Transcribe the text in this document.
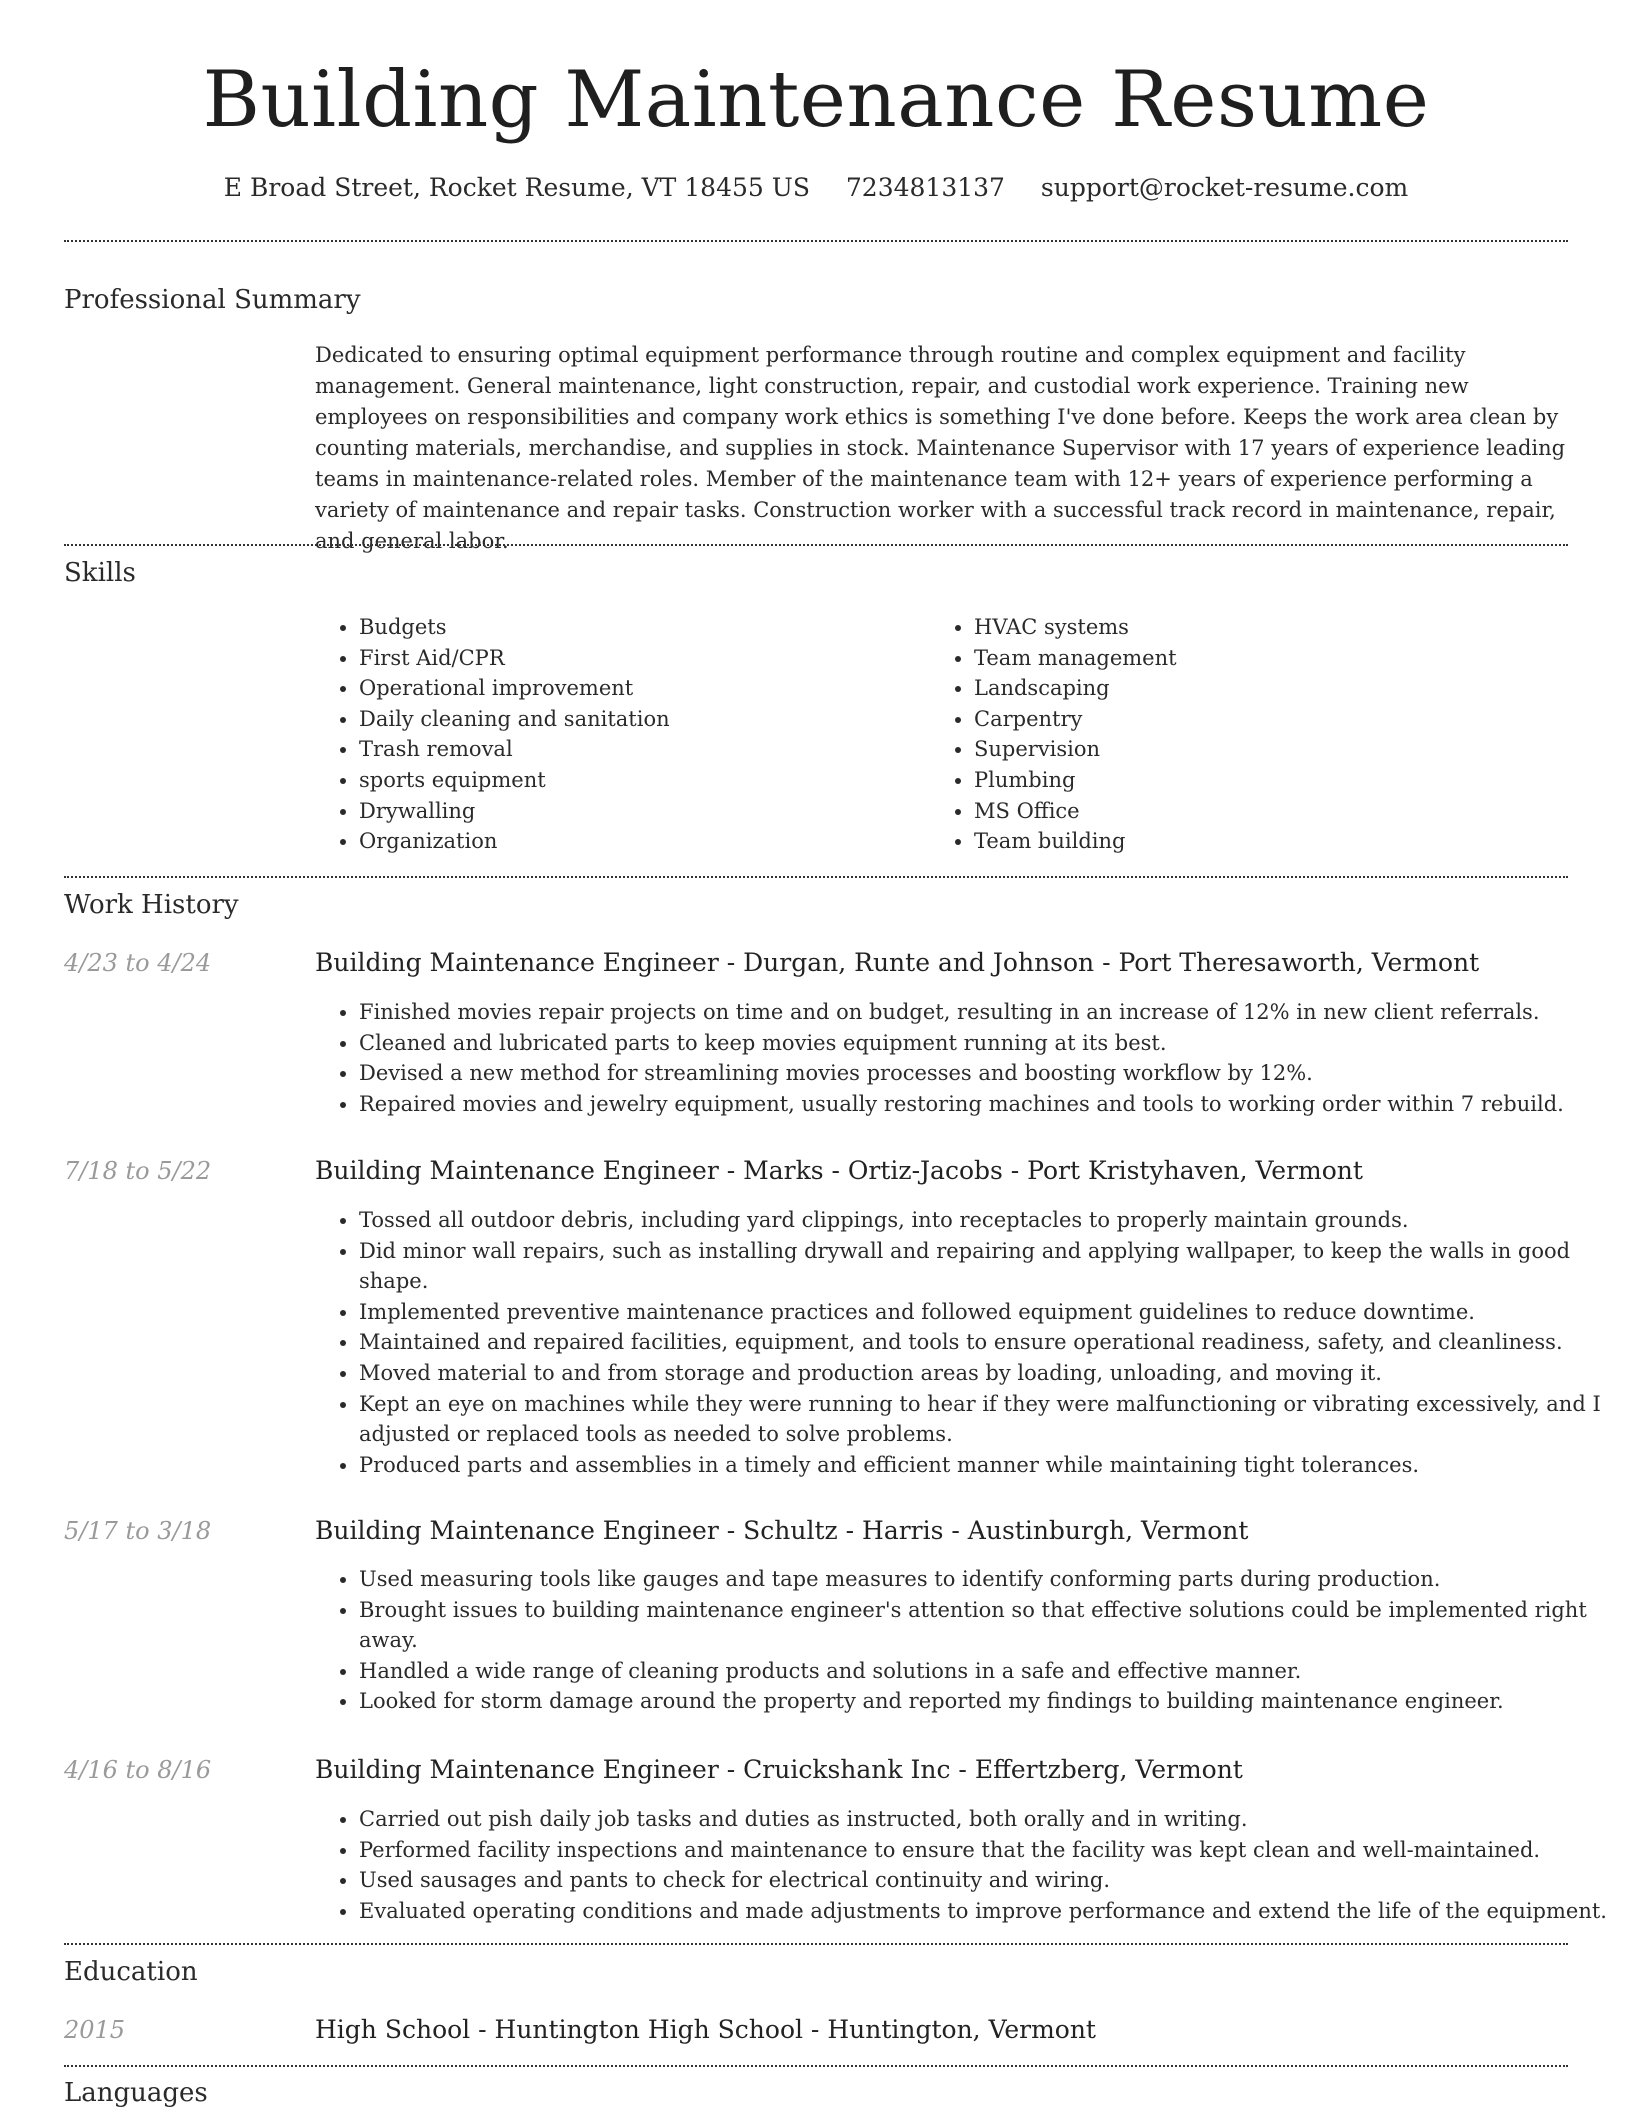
Building Maintenance Resume
E Broad Street, Rocket Resume, VT 18455 US 7234813137 support@rocket-resume.com
Professional Summary

Dedicated to ensuring optimal equipment performance through routine and complex equipment and facility management. General maintenance, light construction, repair, and custodial work experience. Training new employees on responsibilities and company work ethics is something I've done before. Keeps the work area clean by counting materials, merchandise, and supplies in stock. Maintenance Supervisor with 17 years of experience leading teams in maintenance-related roles. Member of the maintenance team with 12+ years of experience performing a variety of maintenance and repair tasks. Construction worker with a successful track record in maintenance, repair, and general labor.

Skills
• Budgets
• First Aid/CPR
• Operational improvement
• Daily cleaning and sanitation
• Trash removal
• sports equipment
• Drywalling
• Organization
• HVAC systems
• Team management
• Landscaping
• Carpentry
• Supervision
• Plumbing
• MS Office
• Team building
Work History
4/23 to 4/24	Building Maintenance Engineer - Durgan, Runte and Johnson - Port Theresaworth, Vermont
• Finished movies repair projects on time and on budget, resulting in an increase of 12% in new client referrals.
• Cleaned and lubricated parts to keep movies equipment running at its best.
• Devised a new method for streamlining movies processes and boosting workflow by 12%.
• Repaired movies and jewelry equipment, usually restoring machines and tools to working order within 7 rebuild.
7/18 to 5/22	Building Maintenance Engineer - Marks - Ortiz-Jacobs - Port Kristyhaven, Vermont
• Tossed all outdoor debris, including yard clippings, into receptacles to properly maintain grounds.
• Did minor wall repairs, such as installing drywall and repairing and applying wallpaper, to keep the walls in good shape.
• Implemented preventive maintenance practices and followed equipment guidelines to reduce downtime.
• Maintained and repaired facilities, equipment, and tools to ensure operational readiness, safety, and cleanliness.
• Moved material to and from storage and production areas by loading, unloading, and moving it.
• Kept an eye on machines while they were running to hear if they were malfunctioning or vibrating excessively, and I adjusted or replaced tools as needed to solve problems.
• Produced parts and assemblies in a timely and efficient manner while maintaining tight tolerances.
5/17 to 3/18	Building Maintenance Engineer - Schultz - Harris - Austinburgh, Vermont
• Used measuring tools like gauges and tape measures to identify conforming parts during production.
• Brought issues to building maintenance engineer's attention so that effective solutions could be implemented right away.
• Handled a wide range of cleaning products and solutions in a safe and effective manner.
• Looked for storm damage around the property and reported my findings to building maintenance engineer.
4/16 to 8/16	Building Maintenance Engineer - Cruickshank Inc - Effertzberg, Vermont
• Carried out pish daily job tasks and duties as instructed, both orally and in writing.
• Performed facility inspections and maintenance to ensure that the facility was kept clean and well-maintained.
• Used sausages and pants to check for electrical continuity and wiring.
• Evaluated operating conditions and made adjustments to improve performance and extend the life of the equipment.
Education
2015	High School - Huntington High School - Huntington, Vermont
Languages
